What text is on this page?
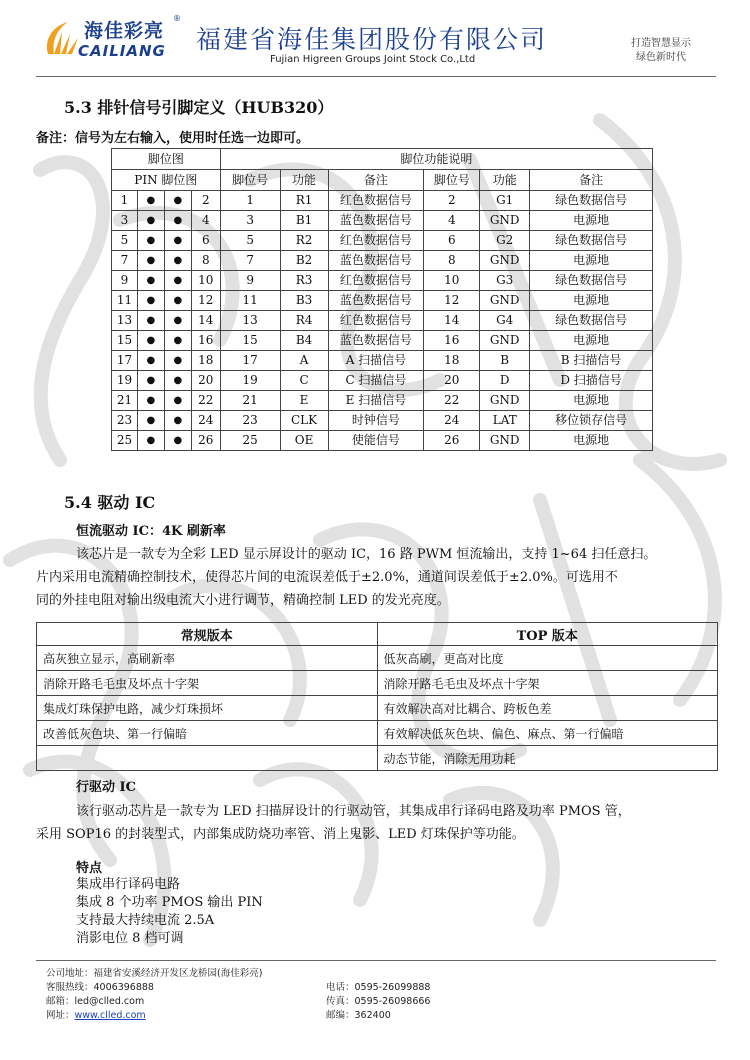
海佳彩亮
®
CAILIANG 福建省海佳集团股份有限公司
Fujian Higreen Groups Joint Stock Co.,Ltd
打造智慧显示
绿色新时代
5.3 排针信号引脚定义（HUB320）
备注：信号为左右输入，使用时任选一边即可。
脚位图				脚位功能说明					
PIN 脚位图				脚位号	功能	备注	脚位号	功能	备注
1	●	●	2	1	R1	红色数据信号	2	G1	绿色数据信号
3	●	●	4	3	B1	蓝色数据信号	4	GND	电源地
5	●	●	6	5	R2	红色数据信号	6	G2	绿色数据信号
7	●	●	8	7	B2	蓝色数据信号	8	GND	电源地
9	●	●	10	9	R3	红色数据信号	10	G3	绿色数据信号
11	●	●	12	11	B3	蓝色数据信号	12	GND	电源地
13	●	●	14	13	R4	红色数据信号	14	G4	绿色数据信号
15	●	●	16	15	B4	蓝色数据信号	16	GND	电源地
17	●	●	18	17	A	A 扫描信号	18	B	B 扫描信号
19	●	●	20	19	C	C 扫描信号	20	D	D 扫描信号
21	●	●	22	21	E	E 扫描信号	22	GND	电源地
23	●	●	24	23	CLK	时钟信号	24	LAT	移位锁存信号
25	●	●	26	25	OE	使能信号	26	GND	电源地
5.4 驱动 IC
恒流驱动 IC：4K 刷新率

该芯片是一款专为全彩 LED 显示屏设计的驱动 IC，16 路 PWM 恒流输出，支持 1~64 扫任意扫。

片内采用电流精确控制技术，使得芯片间的电流误差低于±2.0%，通道间误差低于±2.0%。可选用不

同的外挂电阻对输出级电流大小进行调节，精确控制 LED 的发光亮度。

常规版本	TOP 版本
高灰独立显示，高刷新率	低灰高刷，更高对比度
消除开路毛毛虫及坏点十字架	消除开路毛毛虫及坏点十字架
集成灯珠保护电路，减少灯珠损坏	有效解决高对比耦合、跨板色差
改善低灰色块、第一行偏暗	有效解决低灰色块、偏色、麻点、第一行偏暗
	动态节能，消除无用功耗
行驱动 IC

该行驱动芯片是一款专为 LED 扫描屏设计的行驱动管，其集成串行译码电路及功率 PMOS 管，

采用 SOP16 的封装型式，内部集成防烧功率管、消上鬼影、LED 灯珠保护等功能。

特点
集成串行译码电路
集成 8 个功率 PMOS 输出 PIN
支持最大持续电流 2.5A
消影电位 8 档可调
公司地址：福建省安溪经济开发区龙桥园(海佳彩亮)
客服热线：4006396888	电话：0595-26099888
邮箱：led@clled.com	传真：0595-26098666
网址：www.clled.com	邮编：362400
